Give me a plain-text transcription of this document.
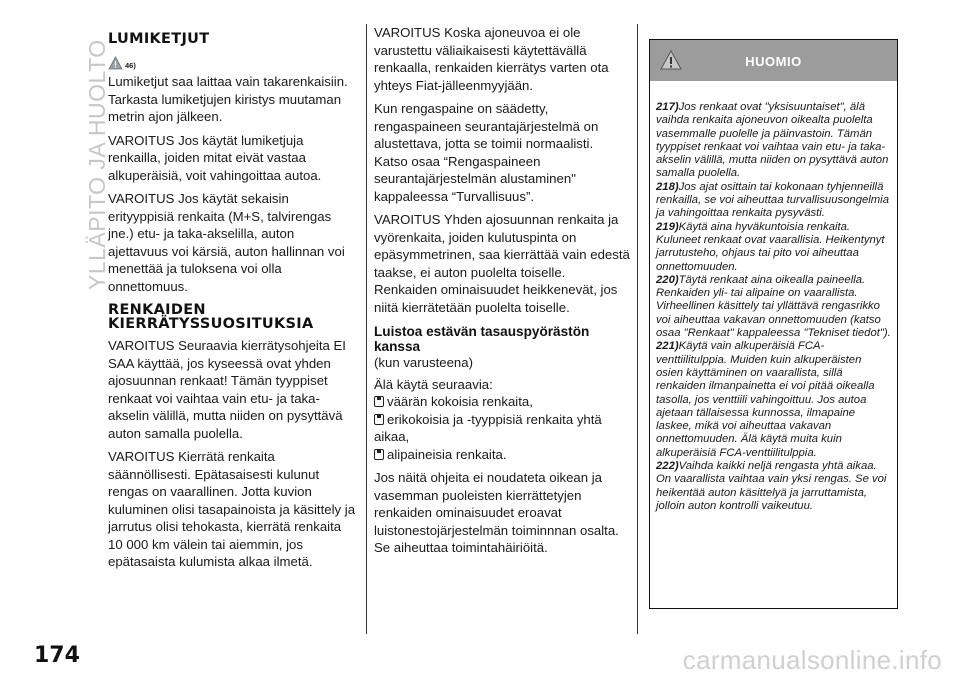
YLLÄPITO JA HUOLTO
LUMIKETJUT
46)

Lumiketjut saa laittaa vain takarenkaisiin. Tarkasta lumiketjujen kiristys muutaman metrin ajon jälkeen.

VAROITUS Jos käytät lumiketjuja renkailla, joiden mitat eivät vastaa alkuperäisiä, voit vahingoittaa autoa.

VAROITUS Jos käytät sekaisin erityyppisiä renkaita (M+S, talvirengas jne.) etu- ja taka-akselilla, auton ajettavuus voi kärsiä, auton hallinnan voi menettää ja tuloksena voi olla onnettomuus.

RENKAIDEN KIERRÄTYSSUOSITUKSIA

VAROITUS Seuraavia kierrätysohjeita EI SAA käyttää, jos kyseessä ovat yhden ajosuunnan renkaat! Tämän tyyppiset renkaat voi vaihtaa vain etu- ja taka-akselin välillä, mutta niiden on pysyttävä auton samalla puolella.

VAROITUS Kierrätä renkaita säännöllisesti. Epätasaisesti kulunut rengas on vaarallinen. Jotta kuvion kuluminen olisi tasapainoista ja käsittely ja jarrutus olisi tehokasta, kierrätä renkaita 10 000 km välein tai aiemmin, jos epätasaista kulumista alkaa ilmetä.

VAROITUS Koska ajoneuvoa ei ole varustettu väliaikaisesti käytettävällä renkaalla, renkaiden kierrätys varten ota yhteys Fiat-jälleenmyyjään.

Kun rengaspaine on säädetty, rengaspaineen seurantajärjestelmä on alustettava, jotta se toimii normaalisti. Katso osaa “Rengaspaineen seurantajärjestelmän alustaminen" kappaleessa “Turvallisuus”.

VAROITUS Yhden ajosuunnan renkaita ja vyörenkaita, joiden kulutuspinta on epäsymmetrinen, saa kierrättää vain edestä taakse, ei auton puolelta toiselle. Renkaiden ominaisuudet heikkenevät, jos niitä kierrätetään puolelta toiselle.

Luistoa estävän tasauspyörästön kanssa

(kun varusteena)

Älä käytä seuraavia:
väärän kokoisia renkaita,
erikokoisia ja -tyyppisiä renkaita yhtä aikaa,
alipaineisia renkaita.

Jos näitä ohjeita ei noudateta oikean ja vasemman puoleisten kierrättetyjen renkaiden ominaisuudet eroavat luistonestojärjestelmän toiminnnan osalta. Se aiheuttaa toimintahäiriöitä.

HUOMIO

217)Jos renkaat ovat "yksisuuntaiset", älä vaihda renkaita ajoneuvon oikealta puolelta vasemmalle puolelle ja päinvastoin. Tämän tyyppiset renkaat voi vaihtaa vain etu- ja taka-akselin välillä, mutta niiden on pysyttävä auton samalla puolella.

218)Jos ajat osittain tai kokonaan tyhjenneillä renkailla, se voi aiheuttaa turvallisuusongelmia ja vahingoittaa renkaita pysyvästi.

219)Käytä aina hyväkuntoisia renkaita. Kuluneet renkaat ovat vaarallisia. Heikentynyt jarrutusteho, ohjaus tai pito voi aiheuttaa onnettomuuden.

220)Täytä renkaat aina oikealla paineella. Renkaiden yli- tai alipaine on vaarallista. Virheellinen käsittely tai yllättävä rengasrikko voi aiheuttaa vakavan onnettomuuden (katso osaa "Renkaat" kappaleessa "Tekniset tiedot").

221)Käytä vain alkuperäisiä FCA-venttiilitulppia. Muiden kuin alkuperäisten osien käyttäminen on vaarallista, sillä renkaiden ilmanpainetta ei voi pitää oikealla tasolla, jos venttiili vahingoittuu. Jos autoa ajetaan tällaisessa kunnossa, ilmapaine laskee, mikä voi aiheuttaa vakavan onnettomuuden. Älä käytä muita kuin alkuperäisiä FCA-venttiilitulppia.

222)Vaihda kaikki neljä rengasta yhtä aikaa. On vaarallista vaihtaa vain yksi rengas. Se voi heikentää auton käsittelyä ja jarruttamista, jolloin auton kontrolli vaikeutuu.

174	carmanualsonline.info
